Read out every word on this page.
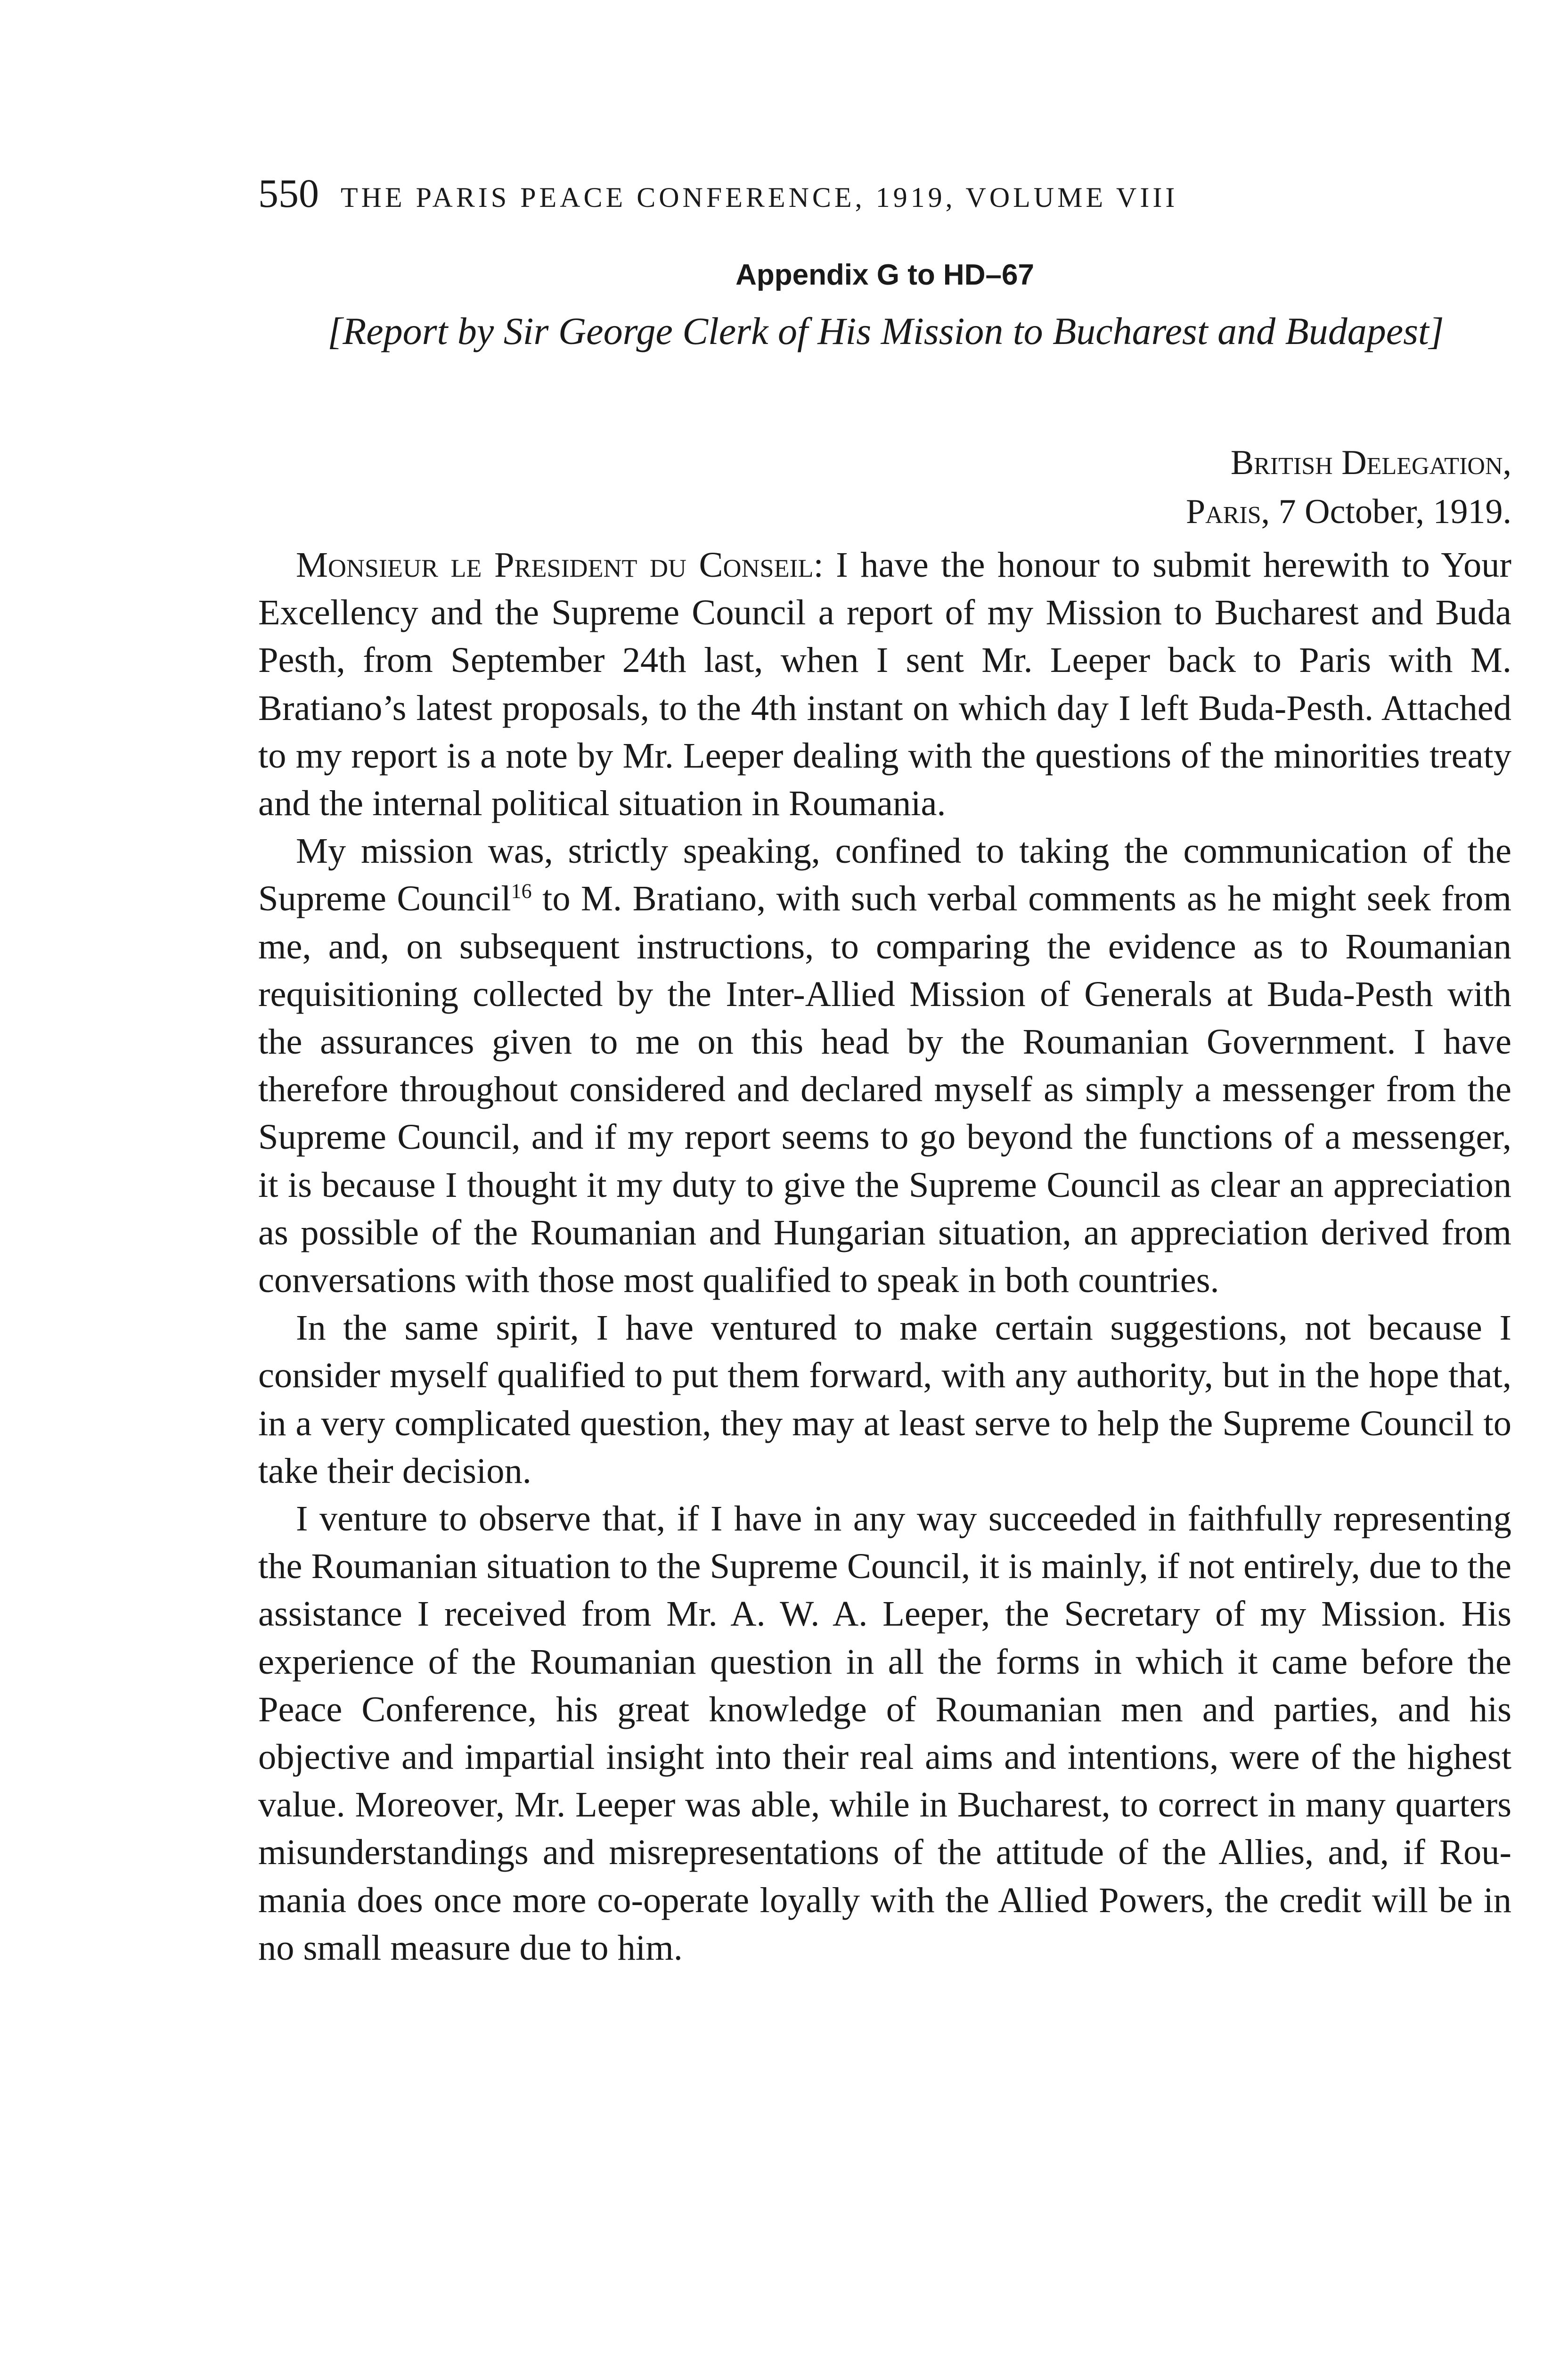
550 THE PARIS PEACE CONFERENCE, 1919, VOLUME VIII
Appendix G to HD–67
[Report by Sir George Clerk of His Mission to Bucharest and Budapest]
British Delegation,
Paris, 7 October, 1919.

Monsieur le President du Conseil: I have the honour to submit herewith to Your Excellency and the Supreme Council a report of my Mission to Bucharest and Buda Pesth, from September 24th last, when I sent Mr. Leeper back to Paris with M. Bratiano’s latest proposals, to the 4th instant on which day I left Buda-Pesth. Attached to my report is a note by Mr. Leeper dealing with the questions of the minorities treaty and the internal political situation in Roumania.

My mission was, strictly speaking, confined to taking the communication of the Supreme Council$^{16}$ to M. Bratiano, with such verbal comments as he might seek from me, and, on subsequent instructions, to comparing the evidence as to Roumanian requisitioning collected by the Inter-Allied Mission of Generals at Buda-Pesth with the assurances given to me on this head by the Roumanian Government. I have therefore throughout considered and declared myself as simply a messenger from the Supreme Council, and if my report seems to go beyond the functions of a messenger, it is because I thought it my duty to give the Supreme Council as clear an appreciation as possible of the Roumanian and Hungarian situation, an appreciation derived from conversations with those most qualified to speak in both countries.

In the same spirit, I have ventured to make certain suggestions, not because I consider myself qualified to put them forward, with any authority, but in the hope that, in a very complicated question, they may at least serve to help the Supreme Council to take their decision.

I venture to observe that, if I have in any way succeeded in faithfully representing the Roumanian situation to the Supreme Council, it is mainly, if not entirely, due to the assistance I received from Mr. A. W. A. Leeper, the Secretary of my Mission. His experience of the Roumanian question in all the forms in which it came before the Peace Conference, his great knowledge of Roumanian men and parties, and his objective and impartial insight into their real aims and intentions, were of the highest value. Moreover, Mr. Leeper was able, while in Bucharest, to correct in many quarters misunderstandings and misrepresentations of the attitude of the Allies, and, if Roumania does once more co-operate loyally with the Allied Powers, the credit will be in no small measure due to him.
